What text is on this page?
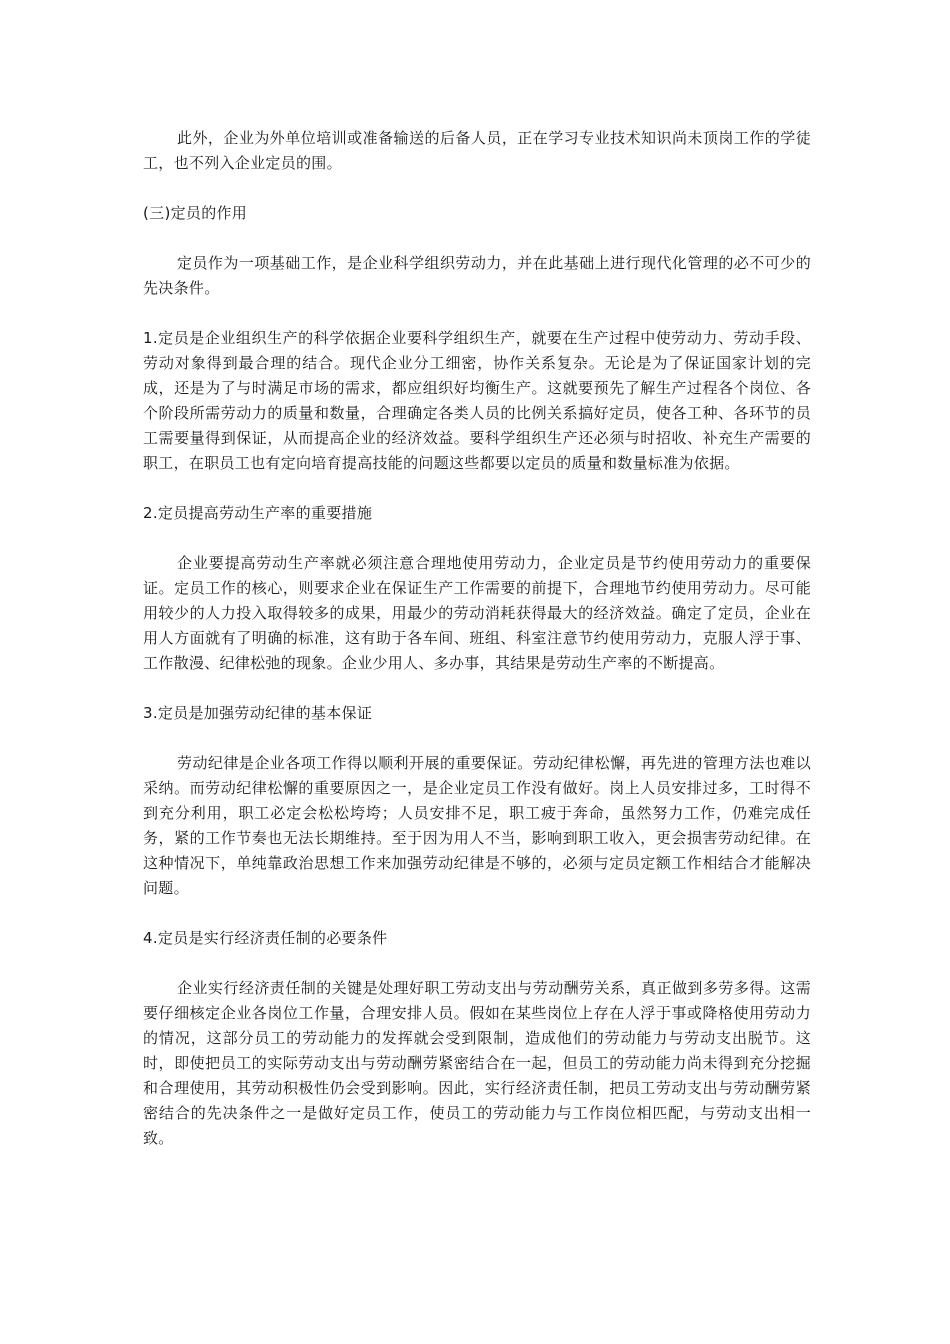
此外，企业为外单位培训或准备输送的后备人员，正在学习专业技术知识尚未顶岗工作的学徒工，也不列入企业定员的围。

(三)定员的作用

定员作为一项基础工作，是企业科学组织劳动力，并在此基础上进行现代化管理的必不可少的先决条件。

1.定员是企业组织生产的科学依据企业要科学组织生产，就要在生产过程中使劳动力、劳动手段、劳动对象得到最合理的结合。现代企业分工细密，协作关系复杂。无论是为了保证国家计划的完成，还是为了与时满足市场的需求，都应组织好均衡生产。这就要预先了解生产过程各个岗位、各个阶段所需劳动力的质量和数量，合理确定各类人员的比例关系搞好定员，使各工种、各环节的员工需要量得到保证，从而提高企业的经济效益。要科学组织生产还必须与时招收、补充生产需要的职工，在职员工也有定向培育提高技能的问题这些都要以定员的质量和数量标准为依据。

2.定员提高劳动生产率的重要措施

企业要提高劳动生产率就必须注意合理地使用劳动力，企业定员是节约使用劳动力的重要保证。定员工作的核心，则要求企业在保证生产工作需要的前提下，合理地节约使用劳动力。尽可能用较少的人力投入取得较多的成果，用最少的劳动消耗获得最大的经济效益。确定了定员，企业在用人方面就有了明确的标准，这有助于各车间、班组、科室注意节约使用劳动力，克服人浮于事、工作散漫、纪律松弛的现象。企业少用人、多办事，其结果是劳动生产率的不断提高。

3.定员是加强劳动纪律的基本保证

劳动纪律是企业各项工作得以顺利开展的重要保证。劳动纪律松懈，再先进的管理方法也难以采纳。而劳动纪律松懈的重要原因之一，是企业定员工作没有做好。岗上人员安排过多，工时得不到充分利用，职工必定会松松垮垮；人员安排不足，职工疲于奔命，虽然努力工作，仍难完成任务，紧的工作节奏也无法长期维持。至于因为用人不当，影响到职工收入，更会损害劳动纪律。在这种情况下，单纯靠政治思想工作来加强劳动纪律是不够的，必须与定员定额工作相结合才能解决问题。

4.定员是实行经济责任制的必要条件

企业实行经济责任制的关键是处理好职工劳动支出与劳动酬劳关系，真正做到多劳多得。这需要仔细核定企业各岗位工作量，合理安排人员。假如在某些岗位上存在人浮于事或降格使用劳动力的情况，这部分员工的劳动能力的发挥就会受到限制，造成他们的劳动能力与劳动支出脱节。这时，即使把员工的实际劳动支出与劳动酬劳紧密结合在一起，但员工的劳动能力尚未得到充分挖掘和合理使用，其劳动积极性仍会受到影响。因此，实行经济责任制，把员工劳动支出与劳动酬劳紧密结合的先决条件之一是做好定员工作，使员工的劳动能力与工作岗位相匹配，与劳动支出相一致。
